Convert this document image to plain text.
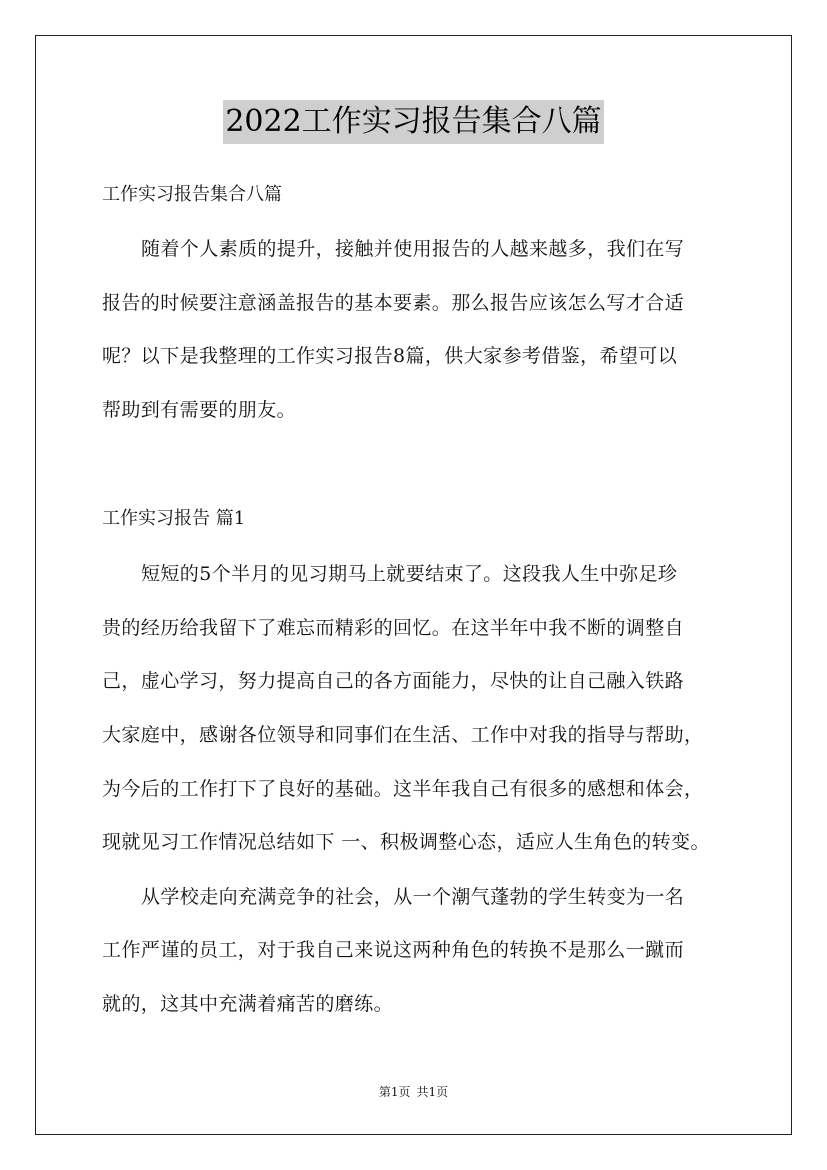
2022工作实习报告集合八篇
工作实习报告集合八篇
随着个人素质的提升，接触并使用报告的人越来越多，我们在写
报告的时候要注意涵盖报告的基本要素。那么报告应该怎么写才合适
呢？以下是我整理的工作实习报告8篇，供大家参考借鉴，希望可以
帮助到有需要的朋友。
工作实习报告 篇1
短短的5个半月的见习期马上就要结束了。这段我人生中弥足珍
贵的经历给我留下了难忘而精彩的回忆。在这半年中我不断的调整自
己，虚心学习，努力提高自己的各方面能力，尽快的让自己融入铁路
大家庭中，感谢各位领导和同事们在生活、工作中对我的指导与帮助，
为今后的工作打下了良好的基础。这半年我自己有很多的感想和体会，
现就见习工作情况总结如下 一、积极调整心态，适应人生角色的转变。
从学校走向充满竞争的社会，从一个潮气蓬勃的学生转变为一名
工作严谨的员工，对于我自己来说这两种角色的转换不是那么一蹴而
就的，这其中充满着痛苦的磨练。
第1页 共1页
